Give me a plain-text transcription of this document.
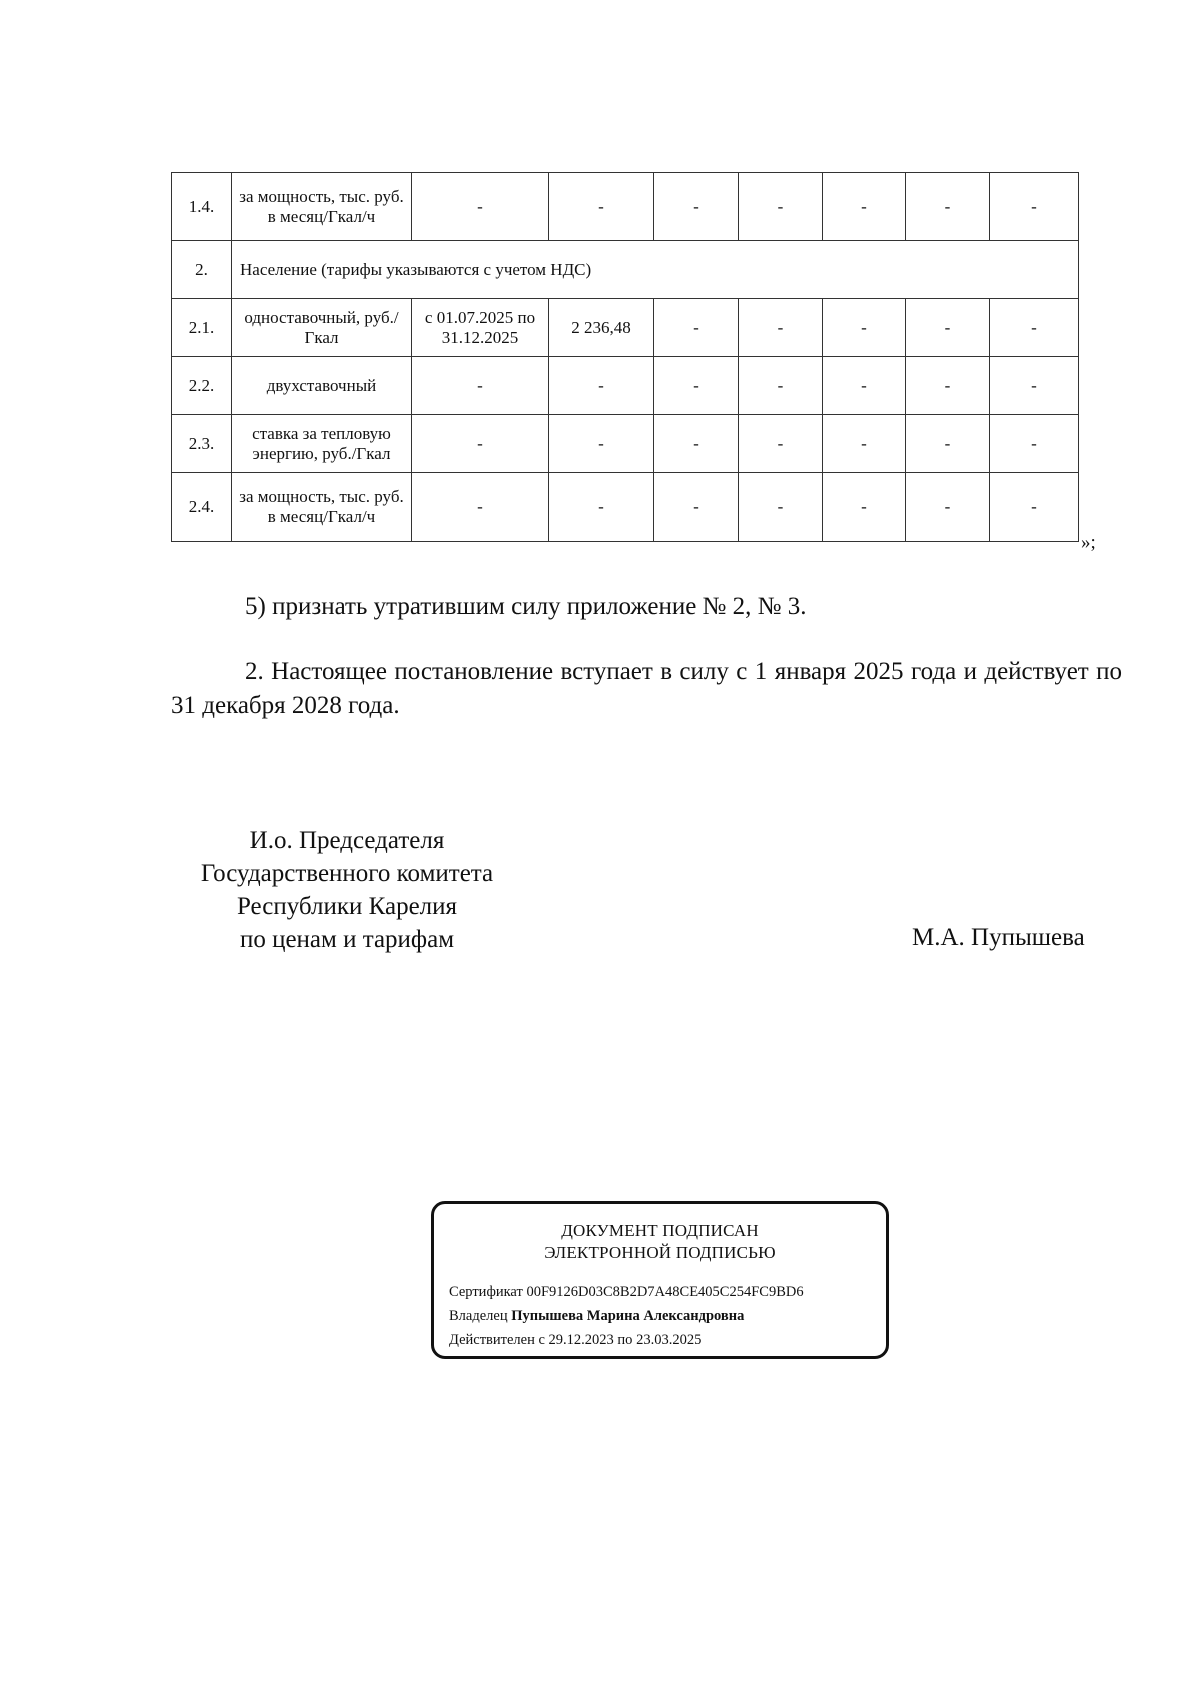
1.4.	за мощность, тыс. руб. в месяц/Гкал/ч	-	-	-	-	-	-	-
2.	Население (тарифы указываются с учетом НДС)							
2.1.	одноставочный, руб./Гкал	с 01.07.2025 по 31.12.2025	2 236,48	-	-	-	-	-
2.2.	двухставочный	-	-	-	-	-	-	-
2.3.	ставка за тепловую энергию, руб./Гкал	-	-	-	-	-	-	-
2.4.	за мощность, тыс. руб. в месяц/Гкал/ч	-	-	-	-	-	-	-
»;

5) признать утратившим силу приложение № 2, № 3.

2. Настоящее постановление вступает в силу с 1 января 2025 года и действует по 31 декабря 2028 года.

И.о. Председателя
Государственного комитета
Республики Карелия
по ценам и тарифам	М.А. Пупышева
ДОКУМЕНТ ПОДПИСАН
ЭЛЕКТРОННОЙ ПОДПИСЬЮ
Сертификат 00F9126D03C8B2D7A48CE405C254FC9BD6
Владелец Пупышева Марина Александровна
Действителен с 29.12.2023 по 23.03.2025
